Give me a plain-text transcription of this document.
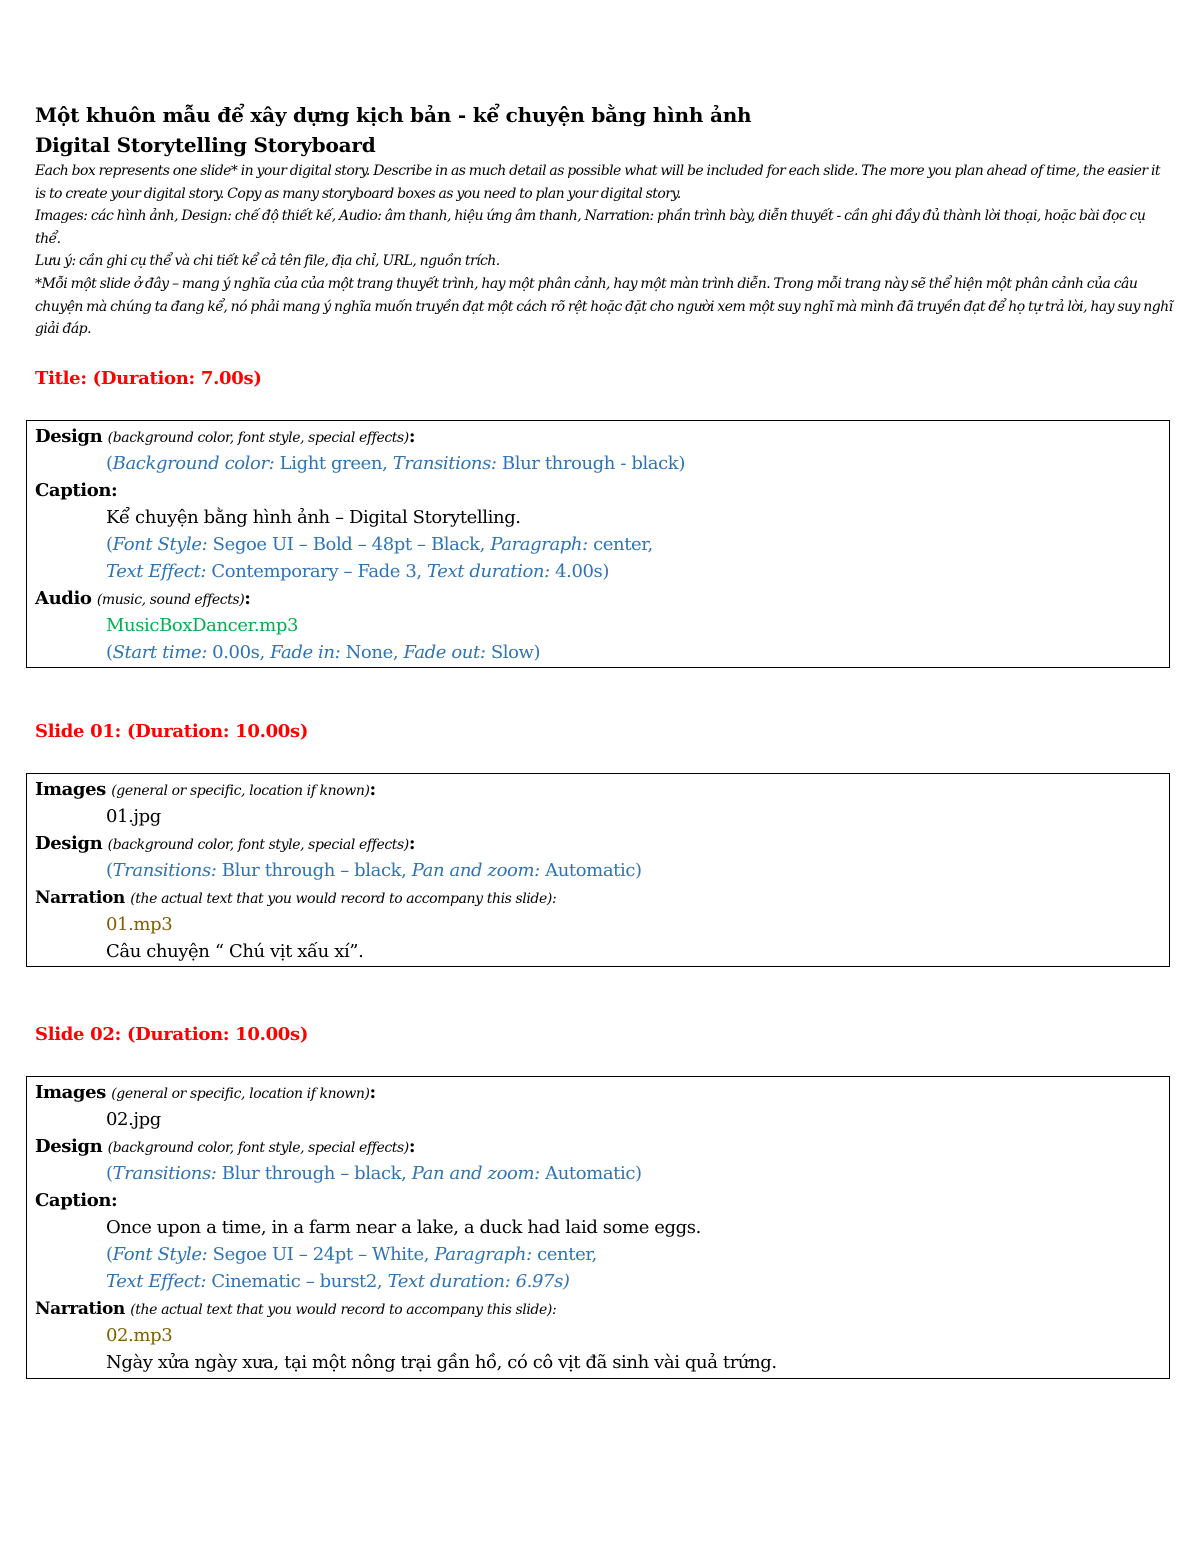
Một khuôn mẫu để xây dựng kịch bản - kể chuyện bằng hình ảnh
Digital Storytelling Storyboard

Each box represents one slide* in your digital story. Describe in as much detail as possible what will be included for each slide. The more you plan ahead of time, the easier it is to create your digital story. Copy as many storyboard boxes as you need to plan your digital story.

Images: các hình ảnh, Design: chế độ thiết kế, Audio: âm thanh, hiệu ứng âm thanh, Narration: phần trình bày, diễn thuyết - cần ghi đầy đủ thành lời thoại, hoặc bài đọc cụ thể.

Lưu ý: cần ghi cụ thể và chi tiết kể cả tên file, địa chỉ, URL, nguồn trích.

*Mỗi một slide ở đây – mang ý nghĩa của của một trang thuyết trình, hay một phân cảnh, hay một màn trình diễn. Trong mỗi trang này sẽ thể hiện một phân cảnh của câu chuyện mà chúng ta đang kể, nó phải mang ý nghĩa muốn truyền đạt một cách rõ rệt hoặc đặt cho người xem một suy nghĩ mà mình đã truyền đạt để họ tự trả lời, hay suy nghĩ giải đáp.

Title: (Duration: 7.00s)
Design (background color, font style, special effects):
(Background color: Light green, Transitions: Blur through - black)
Caption:
Kể chuyện bằng hình ảnh – Digital Storytelling.
(Font Style: Segoe UI – Bold – 48pt – Black, Paragraph: center,
Text Effect: Contemporary – Fade 3, Text duration: 4.00s)
Audio (music, sound effects):
MusicBoxDancer.mp3
(Start time: 0.00s, Fade in: None, Fade out: Slow)
Slide 01: (Duration: 10.00s)
Images (general or specific, location if known):
01.jpg
Design (background color, font style, special effects):
(Transitions: Blur through – black, Pan and zoom: Automatic)
Narration (the actual text that you would record to accompany this slide):
01.mp3
Câu chuyện “ Chú vịt xấu xí”.
Slide 02: (Duration: 10.00s)
Images (general or specific, location if known):
02.jpg
Design (background color, font style, special effects):
(Transitions: Blur through – black, Pan and zoom: Automatic)
Caption:
Once upon a time, in a farm near a lake, a duck had laid some eggs.
(Font Style: Segoe UI – 24pt – White, Paragraph: center,
Text Effect: Cinematic – burst2, Text duration: 6.97s)
Narration (the actual text that you would record to accompany this slide):
02.mp3
Ngày xửa ngày xưa, tại một nông trại gần hồ, có cô vịt đã sinh vài quả trứng.
